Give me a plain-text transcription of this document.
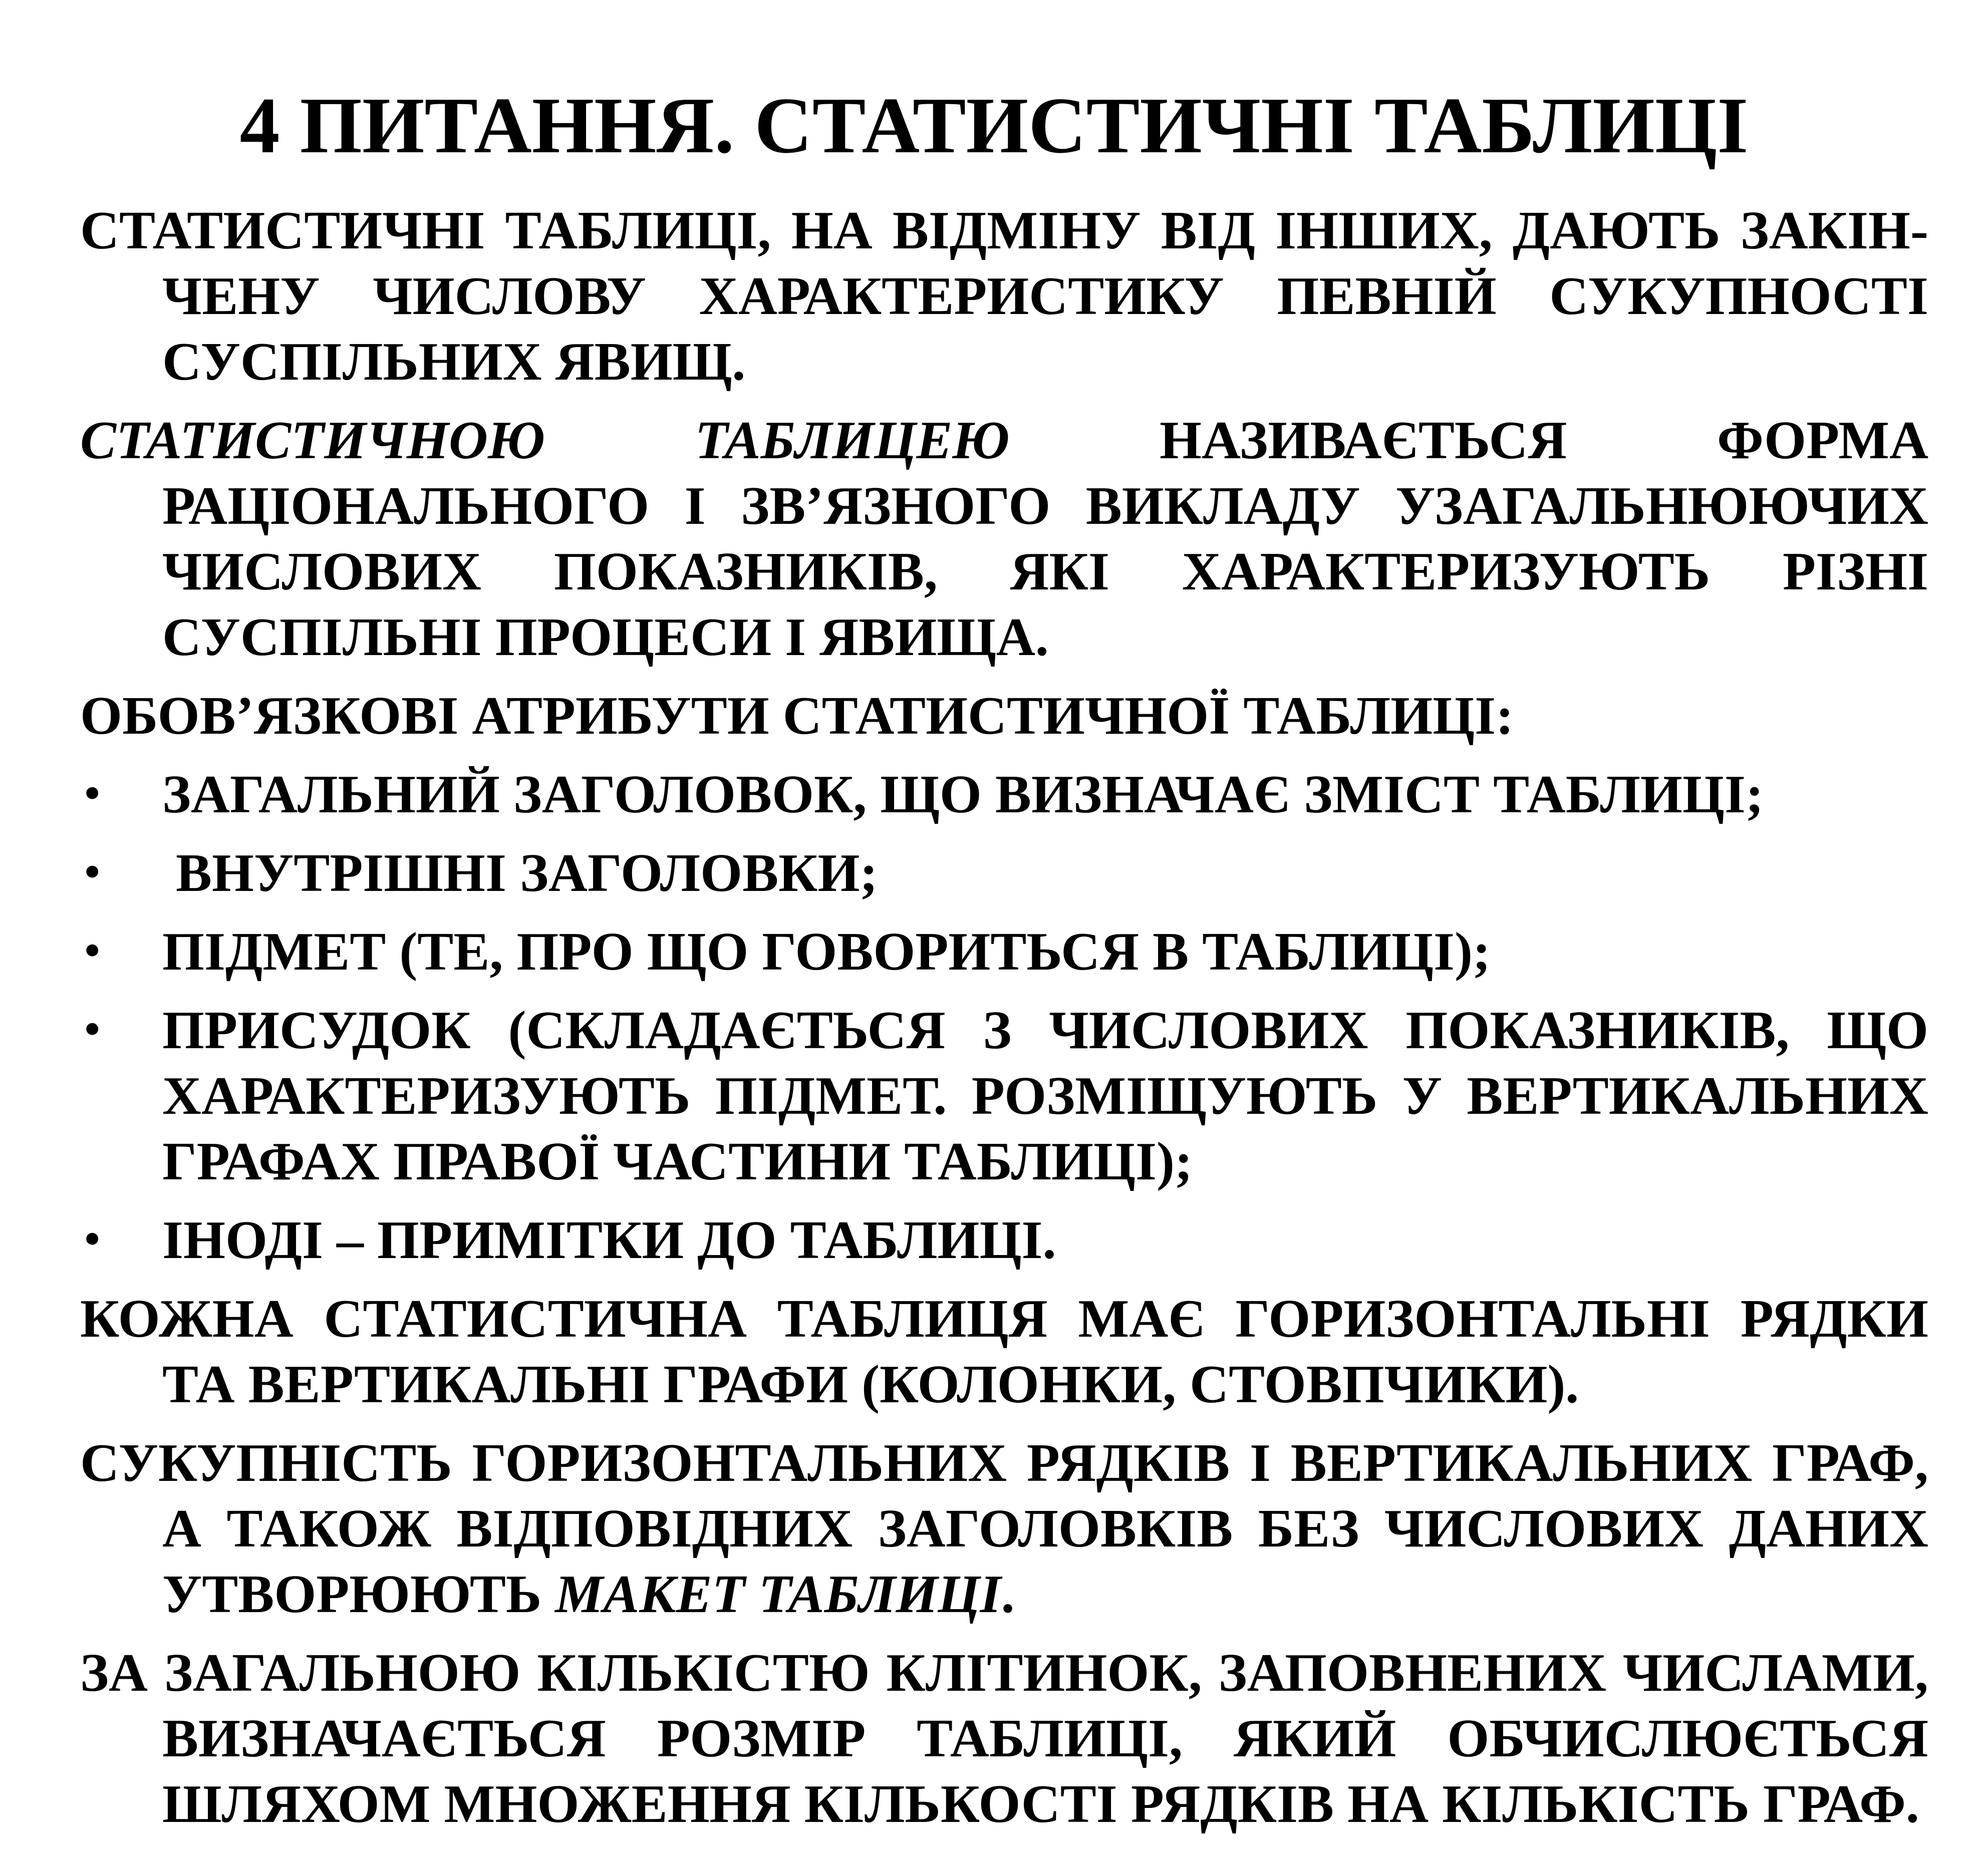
4 ПИТАННЯ. СТАТИСТИЧНІ ТАБЛИЦІ

СТАТИСТИЧНІ ТАБЛИЦІ, НА ВІДМІНУ ВІД ІНШИХ, ДАЮТЬ ЗАКІНЧЕНУ ЧИСЛОВУ ХАРАКТЕРИСТИКУ ПЕВНІЙ СУКУПНОСТІ СУСПІЛЬНИХ ЯВИЩ.

СТАТИСТИЧНОЮ ТАБЛИЦЕЮ НАЗИВАЄТЬСЯ ФОРМА РАЦІОНАЛЬНОГО І ЗВ’ЯЗНОГО ВИКЛАДУ УЗАГАЛЬНЮЮЧИХ ЧИСЛОВИХ ПОКАЗНИКІВ, ЯКІ ХАРАКТЕРИЗУЮТЬ РІЗНІ СУСПІЛЬНІ ПРОЦЕСИ І ЯВИЩА.

ОБОВ’ЯЗКОВІ АТРИБУТИ СТАТИСТИЧНОЇ ТАБЛИЦІ:

• ЗАГАЛЬНИЙ ЗАГОЛОВОК, ЩО ВИЗНАЧАЄ ЗМІСТ ТАБЛИЦІ;
• ВНУТРІШНІ ЗАГОЛОВКИ;
• ПІДМЕТ (ТЕ, ПРО ЩО ГОВОРИТЬСЯ В ТАБЛИЦІ);
• ПРИСУДОК (СКЛАДАЄТЬСЯ З ЧИСЛОВИХ ПОКАЗНИКІВ, ЩО ХАРАКТЕРИЗУЮТЬ ПІДМЕТ. РОЗМІЩУЮТЬ У ВЕРТИКАЛЬНИХ ГРАФАХ ПРАВОЇ ЧАСТИНИ ТАБЛИЦІ);
• ІНОДІ – ПРИМІТКИ ДО ТАБЛИЦІ.

КОЖНА СТАТИСТИЧНА ТАБЛИЦЯ МАЄ ГОРИЗОНТАЛЬНІ РЯДКИ ТА ВЕРТИКАЛЬНІ ГРАФИ (КОЛОНКИ, СТОВПЧИКИ).

СУКУПНІСТЬ ГОРИЗОНТАЛЬНИХ РЯДКІВ І ВЕРТИКАЛЬНИХ ГРАФ, А ТАКОЖ ВІДПОВІДНИХ ЗАГОЛОВКІВ БЕЗ ЧИСЛОВИХ ДАНИХ УТВОРЮЮТЬ МАКЕТ ТАБЛИЦІ.

ЗА ЗАГАЛЬНОЮ КІЛЬКІСТЮ КЛІТИНОК, ЗАПОВНЕНИХ ЧИСЛАМИ, ВИЗНАЧАЄТЬСЯ РОЗМІР ТАБЛИЦІ, ЯКИЙ ОБЧИСЛЮЄТЬСЯ ШЛЯХОМ МНОЖЕННЯ КІЛЬКОСТІ РЯДКІВ НА КІЛЬКІСТЬ ГРАФ.
